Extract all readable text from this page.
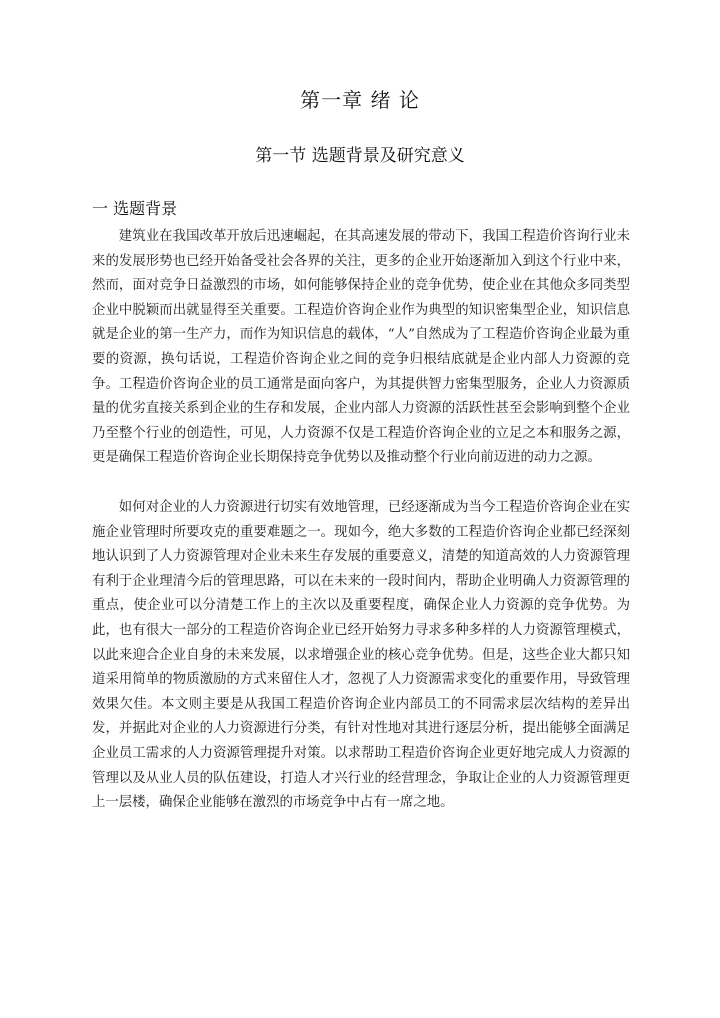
第一章 绪 论
第一节 选题背景及研究意义
一 选题背景

建筑业在我国改革开放后迅速崛起，在其高速发展的带动下，我国工程造价咨询行业未来的发展形势也已经开始备受社会各界的关注，更多的企业开始逐渐加入到这个行业中来，然而，面对竞争日益激烈的市场，如何能够保持企业的竞争优势，使企业在其他众多同类型企业中脱颖而出就显得至关重要。工程造价咨询企业作为典型的知识密集型企业，知识信息就是企业的第一生产力，而作为知识信息的载体，“人”自然成为了工程造价咨询企业最为重要的资源，换句话说，工程造价咨询企业之间的竞争归根结底就是企业内部人力资源的竞争。工程造价咨询企业的员工通常是面向客户，为其提供智力密集型服务，企业人力资源质量的优劣直接关系到企业的生存和发展，企业内部人力资源的活跃性甚至会影响到整个企业乃至整个行业的创造性，可见，人力资源不仅是工程造价咨询企业的立足之本和服务之源，更是确保工程造价咨询企业长期保持竞争优势以及推动整个行业向前迈进的动力之源。

如何对企业的人力资源进行切实有效地管理，已经逐渐成为当今工程造价咨询企业在实施企业管理时所要攻克的重要难题之一。现如今，绝大多数的工程造价咨询企业都已经深刻地认识到了人力资源管理对企业未来生存发展的重要意义，清楚的知道高效的人力资源管理有利于企业理清今后的管理思路，可以在未来的一段时间内，帮助企业明确人力资源管理的重点，使企业可以分清楚工作上的主次以及重要程度，确保企业人力资源的竞争优势。为此，也有很大一部分的工程造价咨询企业已经开始努力寻求多种多样的人力资源管理模式，以此来迎合企业自身的未来发展，以求增强企业的核心竞争优势。但是，这些企业大都只知道采用简单的物质激励的方式来留住人才，忽视了人力资源需求变化的重要作用，导致管理效果欠佳。本文则主要是从我国工程造价咨询企业内部员工的不同需求层次结构的差异出发，并据此对企业的人力资源进行分类，有针对性地对其进行逐层分析，提出能够全面满足企业员工需求的人力资源管理提升对策。以求帮助工程造价咨询企业更好地完成人力资源的管理以及从业人员的队伍建设，打造人才兴行业的经营理念，争取让企业的人力资源管理更上一层楼，确保企业能够在激烈的市场竞争中占有一席之地。
